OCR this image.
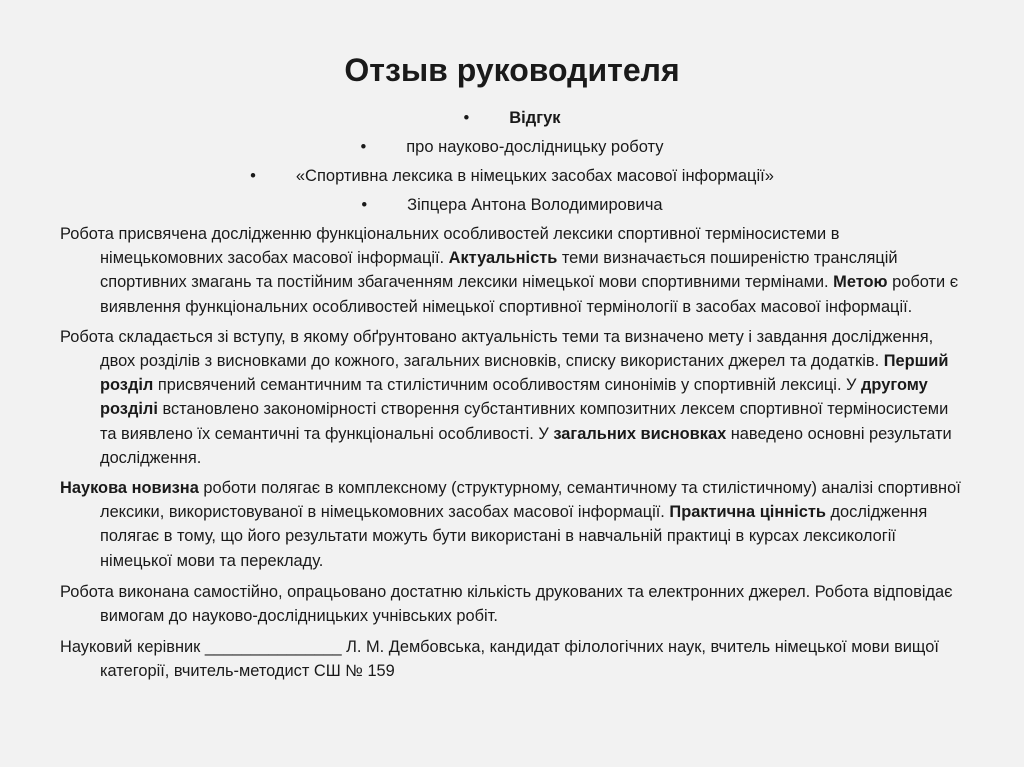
Отзыв руководителя
• Відгук
• про науково-дослідницьку роботу
• «Спортивна лексика в німецьких засобах масової інформації»
• Зіпцера Антона Володимировича

Робота присвячена дослідженню функціональних особливостей лексики спортивної терміносистеми в німецькомовних засобах масової інформації. Актуальність теми визначається поширеністю трансляцій спортивних змагань та постійним збагаченням лексики німецької мови спортивними термінами. Метою роботи є виявлення функціональних особливостей німецької спортивної термінології в засобах масової інформації.

Робота складається зі вступу, в якому обґрунтовано актуальність теми та визначено мету і завдання дослідження, двох розділів з висновками до кожного, загальних висновків, списку використаних джерел та додатків. Перший розділ присвячений семантичним та стилістичним особливостям синонімів у спортивній лексиці. У другому розділі встановлено закономірності створення субстантивних композитних лексем спортивної терміносистеми та виявлено їх семантичні та функціональні особливості. У загальних висновках наведено основні результати дослідження.

Наукова новизна роботи полягає в комплексному (структурному, семантичному та стилістичному) аналізі спортивної лексики, використовуваної в німецькомовних засобах масової інформації. Практична цінність дослідження полягає в тому, що його результати можуть бути використані в навчальній практиці в курсах лексикології німецької мови та перекладу.

Робота виконана самостійно, опрацьовано достатню кількість друкованих та електронних джерел. Робота відповідає вимогам до науково-дослідницьких учнівських робіт.

Науковий керівник _______________ Л. М. Дембовська, кандидат філологічних наук, вчитель німецької мови вищої категорії, вчитель-методист СШ № 159
